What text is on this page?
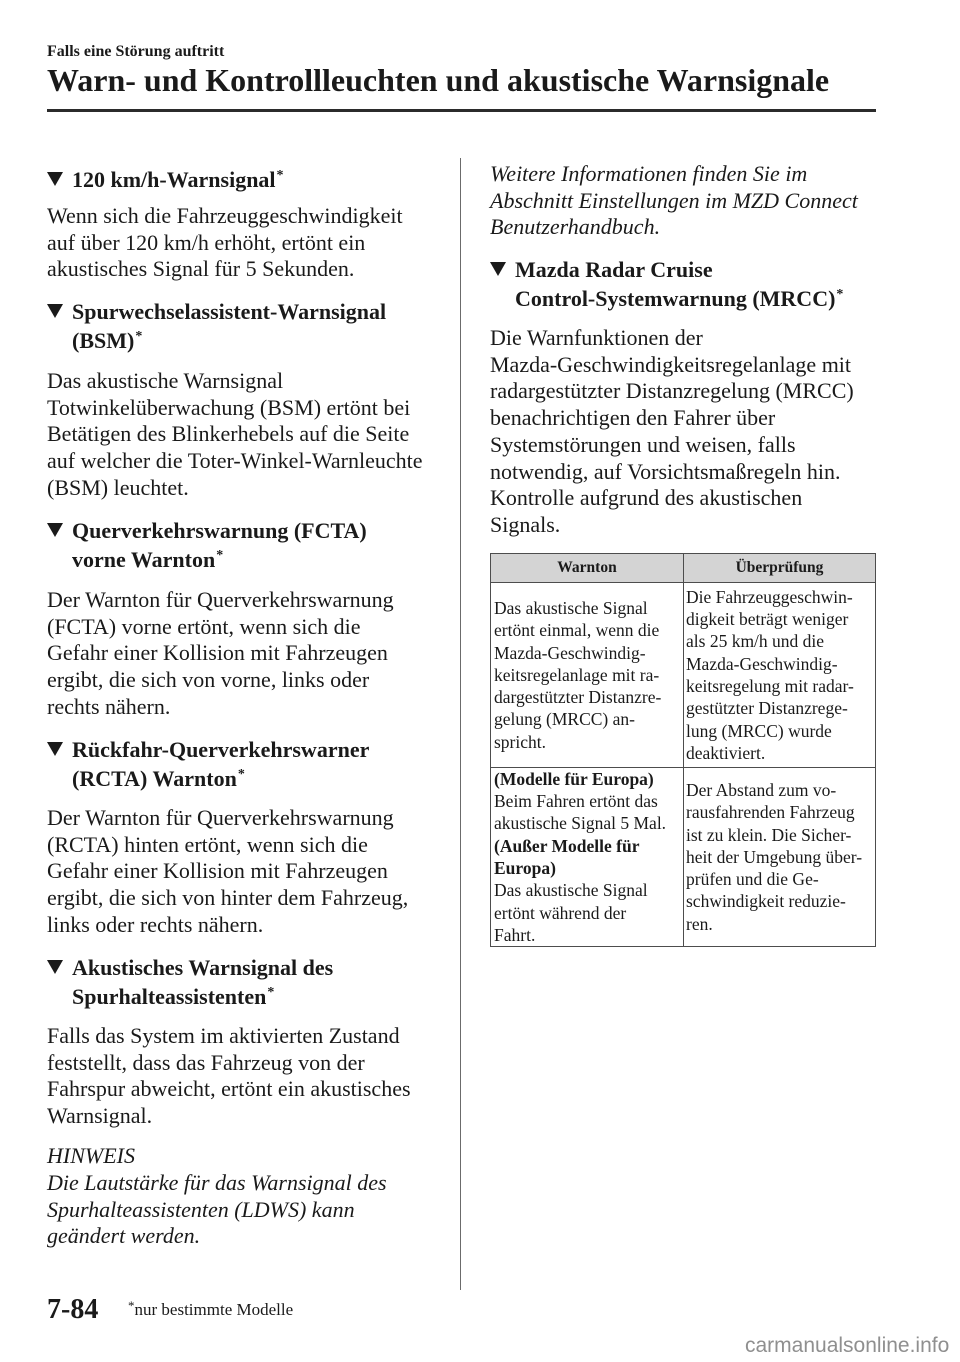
Falls eine Störung auftritt
Warn- und Kontrollleuchten und akustische Warnsignale
120 km/h-Warnsignal*
Wenn sich die Fahrzeuggeschwindigkeit
auf über 120 km/h erhöht, ertönt ein
akustisches Signal für 5 Sekunden.
Spurwechselassistent-Warnsignal
(BSM)*
Das akustische Warnsignal
Totwinkelüberwachung (BSM) ertönt bei
Betätigen des Blinkerhebels auf die Seite
auf welcher die Toter-Winkel-Warnleuchte
(BSM) leuchtet.
Querverkehrswarnung (FCTA)
vorne Warnton*
Der Warnton für Querverkehrswarnung
(FCTA) vorne ertönt, wenn sich die
Gefahr einer Kollision mit Fahrzeugen
ergibt, die sich von vorne, links oder
rechts nähern.
Rückfahr-Querverkehrswarner
(RCTA) Warnton*
Der Warnton für Querverkehrswarnung
(RCTA) hinten ertönt, wenn sich die
Gefahr einer Kollision mit Fahrzeugen
ergibt, die sich von hinter dem Fahrzeug,
links oder rechts nähern.
Akustisches Warnsignal des
Spurhalteassistenten*
Falls das System im aktivierten Zustand
feststellt, dass das Fahrzeug von der
Fahrspur abweicht, ertönt ein akustisches
Warnsignal.
HINWEIS
Die Lautstärke für das Warnsignal des
Spurhalteassistenten (LDWS) kann
geändert werden.
Weitere Informationen finden Sie im
Abschnitt Einstellungen im MZD Connect
Benutzerhandbuch.
Mazda Radar Cruise
Control-Systemwarnung (MRCC)*
Die Warnfunktionen der
Mazda-Geschwindigkeitsregelanlage mit
radargestützter Distanzregelung (MRCC)
benachrichtigen den Fahrer über
Systemstörungen und weisen, falls
notwendig, auf Vorsichtsmaßregeln hin.
Kontrolle aufgrund des akustischen
Signals.
Warnton	Überprüfung
Das akustische Signal
ertönt einmal, wenn die
Mazda-Geschwindig-
keitsregelanlage mit ra-
dargestützter Distanzre-
gelung (MRCC) an-
spricht.
Die Fahrzeuggeschwin-
digkeit beträgt weniger
als 25 km/h und die
Mazda-Geschwindig-
keitsregelung mit radar-
gestützter Distanzrege-
lung (MRCC) wurde
deaktiviert.
(Modelle für Europa)
Beim Fahren ertönt das
akustische Signal 5 Mal.
(Außer Modelle für
Europa)
Das akustische Signal
ertönt während der
Fahrt.
Der Abstand zum vo-
rausfahrenden Fahrzeug
ist zu klein. Die Sicher-
heit der Umgebung über-
prüfen und die Ge-
schwindigkeit reduzie-
ren.
7-84 *nur bestimmte Modelle
carmanualsonline.info
